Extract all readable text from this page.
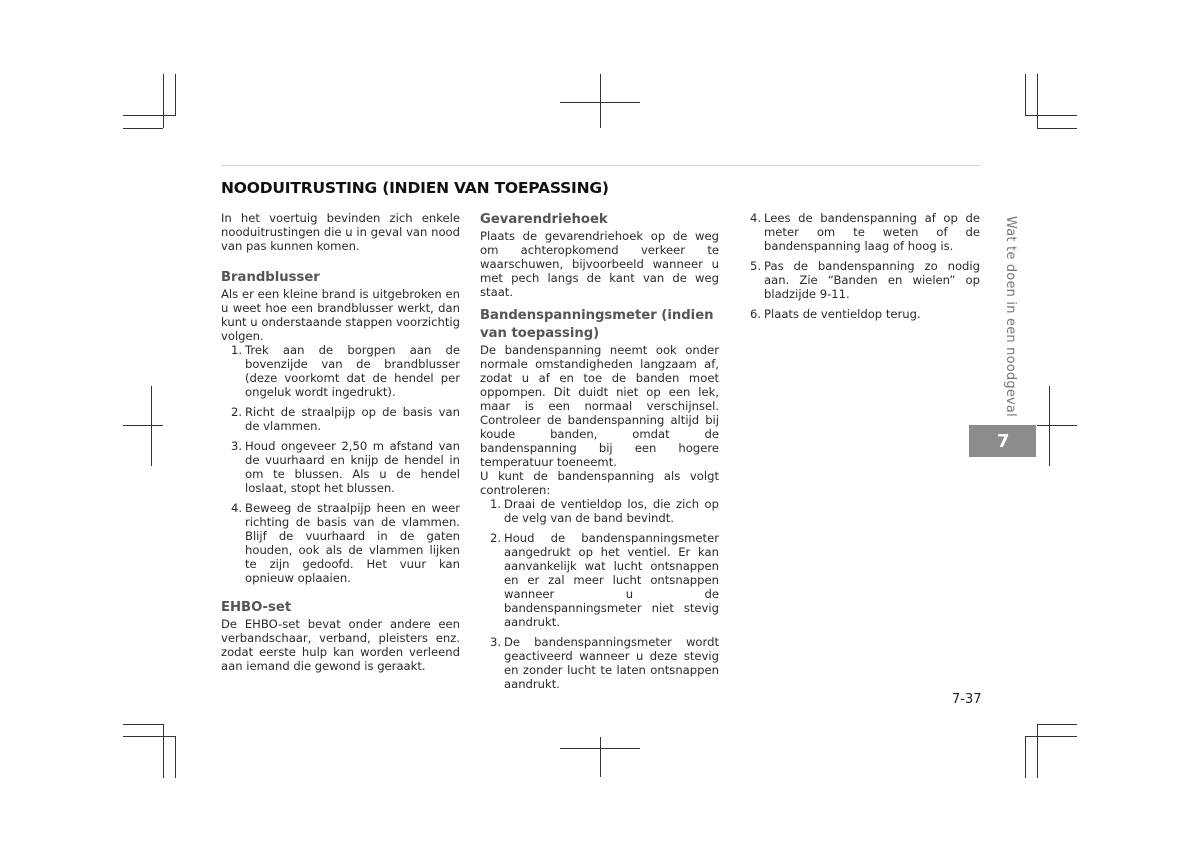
NOODUITRUSTING (INDIEN VAN TOEPASSING)

In het voertuig bevinden zich enkele nooduitrustingen die u in geval van nood van pas kunnen komen.

Brandblusser

Als er een kleine brand is uitgebroken en u weet hoe een brandblusser werkt, dan kunt u onderstaande stappen voorzichtig volgen.

1. Trek aan de borgpen aan de bovenzijde van de brandblusser (deze voorkomt dat de hendel per ongeluk wordt ingedrukt).
2. Richt de straalpijp op de basis van de vlammen.
3. Houd ongeveer 2,50 m afstand van de vuurhaard en knijp de hendel in om te blussen. Als u de hendel loslaat, stopt het blussen.
4. Beweeg de straalpijp heen en weer richting de basis van de vlammen. Blijf de vuurhaard in de gaten houden, ook als de vlammen lijken te zijn gedoofd. Het vuur kan opnieuw oplaaien.
EHBO-set

De EHBO-set bevat onder andere een verbandschaar, verband, pleisters enz. zodat eerste hulp kan worden verleend aan iemand die gewond is geraakt.

Gevarendriehoek

Plaats de gevarendriehoek op de weg om achteropkomend verkeer te waarschuwen, bijvoorbeeld wanneer u met pech langs de kant van de weg staat.

Bandenspanningsmeter (indien van toepassing)

De bandenspanning neemt ook onder normale omstandigheden langzaam af, zodat u af en toe de banden moet oppompen. Dit duidt niet op een lek, maar is een normaal verschijnsel. Controleer de bandenspanning altijd bij koude banden, omdat de bandenspanning bij een hogere temperatuur toeneemt.

U kunt de bandenspanning als volgt controleren:

1. Draai de ventieldop los, die zich op de velg van de band bevindt.
2. Houd de bandenspanningsmeter aangedrukt op het ventiel. Er kan aanvankelijk wat lucht ontsnappen en er zal meer lucht ontsnappen wanneer u de bandenspanningsmeter niet stevig aandrukt.
3. De bandenspanningsmeter wordt geactiveerd wanneer u deze stevig en zonder lucht te laten ontsnappen aandrukt.
4. Lees de bandenspanning af op de meter om te weten of de bandenspanning laag of hoog is.
5. Pas de bandenspanning zo nodig aan. Zie “Banden en wielen” op bladzijde 9-11.
6. Plaats de ventieldop terug.	Wat te doen in een noodgeval
7
7-37
